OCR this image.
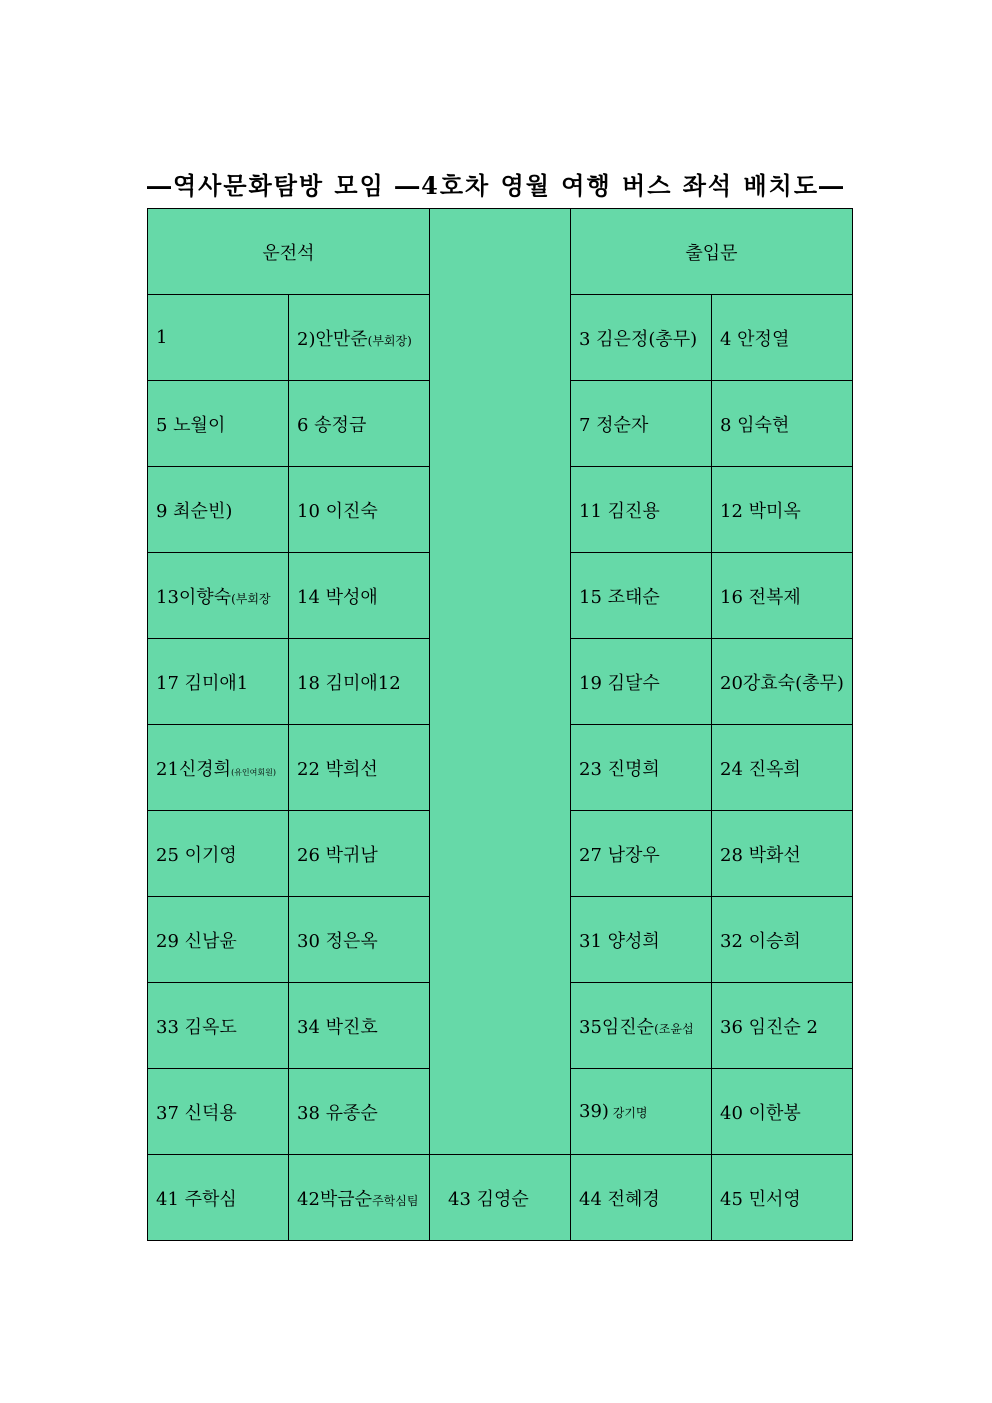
―역사문화탐방 모임 ―4호차 영월 여행 버스 좌석 배치도―
운전석			출입문	
1	2)안만준(부회장)		3 김은정(총무)	4 안정열
5 노월이	6 송정금		7 정순자	8 임숙현
9 최순빈)	10 이진숙		11 김진용	12 박미옥
13이향숙(부회장	14 박성애		15 조태순	16 전복제
17 김미애1	18 김미애12		19 김달수	20강효숙(총무)
21신경희(유인여회원)	22 박희선		23 진명희	24 진옥희
25 이기영	26 박귀남		27 남장우	28 박화선
29 신남윤	30 정은옥		31 양성희	32 이승희
33 김옥도	34 박진호		35임진순(조윤섭	36 임진순 2
37 신덕용	38 유종순		39) 강기명	40 이한봉
41 주학심	42박금순주학심팀	43 김영순	44 전혜경	45 민서영
